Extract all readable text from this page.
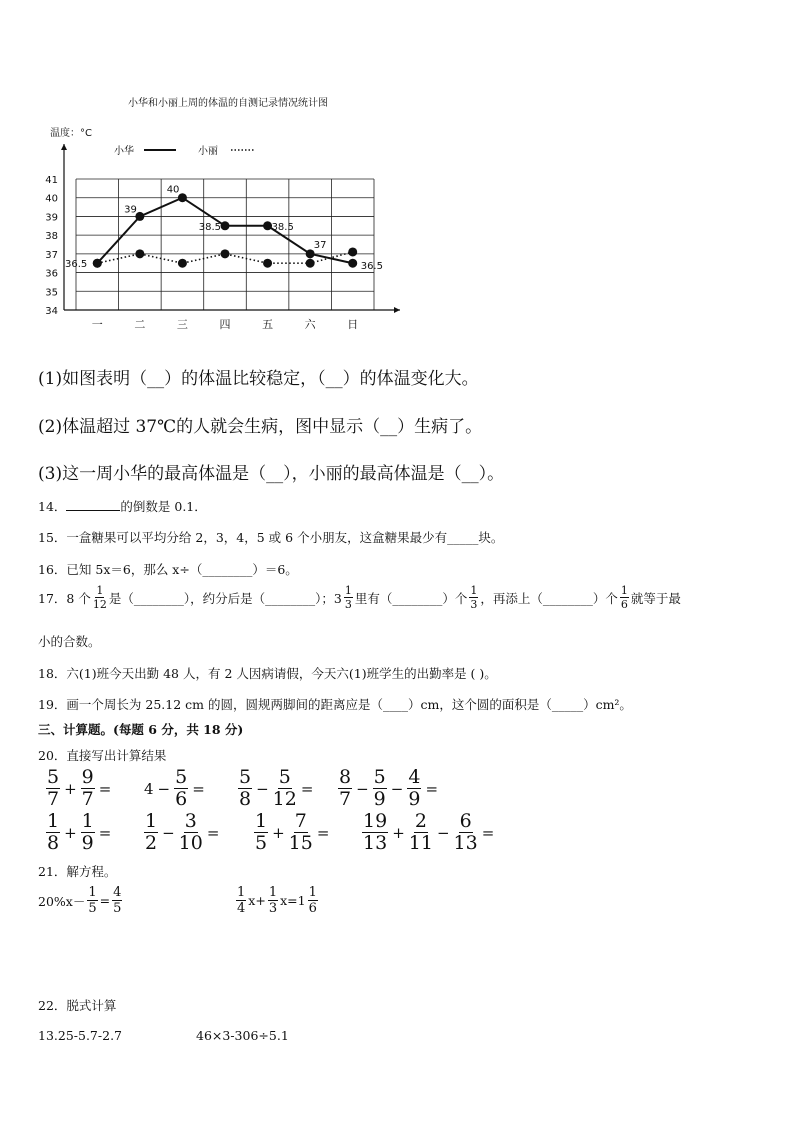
小华和小丽上周的体温的自测记录情况统计图
温度：°C
小华	小丽
34
35
36
37
38
39
40
41
一	二	三	四	五	六	日
36.5
39
40
38.5	38.5
37
36.5
(1)如图表明（__）的体温比较稳定，（__）的体温变化大。
(2)体温超过 37℃的人就会生病，图中显示（__）生病了。
(3)这一周小华的最高体温是（__），小丽的最高体温是（__）。
14．	的倒数是 0.1．
15．一盒糖果可以平均分给 2，3，4，5 或 6 个小朋友，这盒糖果最少有_____块。
16．已知 5x＝6，那么 x÷（________）＝6。
17．8 个 $\frac{1}{12}$ 是（________），约分后是（________）；$3 \frac{1}{3}$ 里有（________）个 $\frac{1}{3}$ ，再添上（________）个 $\frac{1}{6}$ 就等于最
小的合数。
18．六(1)班今天出勤 48 人，有 2 人因病请假，今天六(1)班学生的出勤率是 ( )。
19．画一个周长为 25.12 cm 的圆，圆规两脚间的距离应是（____）cm，这个圆的面积是（_____）cm²。
三、计算题。(每题 6 分，共 18 分)
20．直接写出计算结果
$\frac{5}{7} + \frac{9}{7} = 4 - \frac{5}{6} = \frac{5}{8} - \frac{5}{12} = \frac{8}{7} - \frac{5}{9} - \frac{4}{9}$ =
$\frac{1}{8} + \frac{1}{9} = \frac{1}{2} - \frac{3}{10} = \frac{1}{5} + \frac{7}{15} = \frac{19}{13} + \frac{2}{11} - \frac{6}{13}$ =
21．解方程。
$20\%x- \frac{1}{5} = \frac{4}{5}$	$\frac{1}{4} x+ \frac{1}{3} x=1 \frac{1}{6}$
22．脱式计算
13.25-5.7-2.7	46×3-306÷5.1
